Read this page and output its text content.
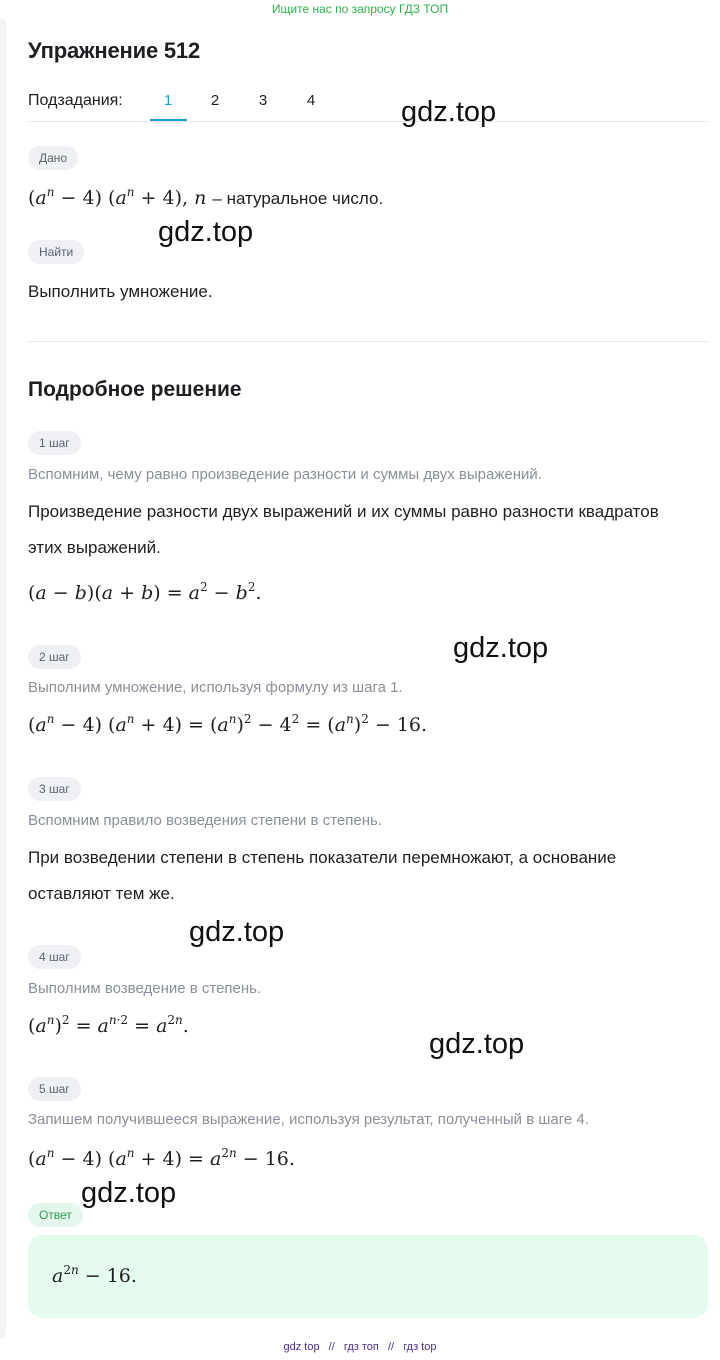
Ищите нас по запросу ГДЗ ТОП
Упражнение 512
Подзадания:	1	2	3	4
Дано
$(a^n - 4) (a^n + 4)$, n – натуральное число.
Найти
Выполнить умножение.
Подробное решение
1 шаг
Вспомним, чему равно произведение разности и суммы двух выражений.
Произведение разности двух выражений и их суммы равно разности квадратов этих выражений.
$(a - b)(a + b) = a^2 - b^2$.
2 шаг
Выполним умножение, используя формулу из шага 1.
$(a^n - 4) (a^n + 4) = (a^n)^2 - 4^2 = (a^n)^2 - 16$.
3 шаг
Вспомним правило возведения степени в степень.
При возведении степени в степень показатели перемножают, а основание оставляют тем же.
4 шаг
Выполним возведение в степень.
$(a^n)^2 = a^{n\cdot 2} = a^{2n}$.
5 шаг
Запишем получившееся выражение, используя результат, полученный в шаге 4.
$(a^n - 4) (a^n + 4) = a^{2n} - 16$.
Ответ
$a^{2n} - 16$.
gdz.top
gdz.top
gdz.top
gdz.top
gdz.top
gdz.top
gdz top // гдз топ // гдз top
